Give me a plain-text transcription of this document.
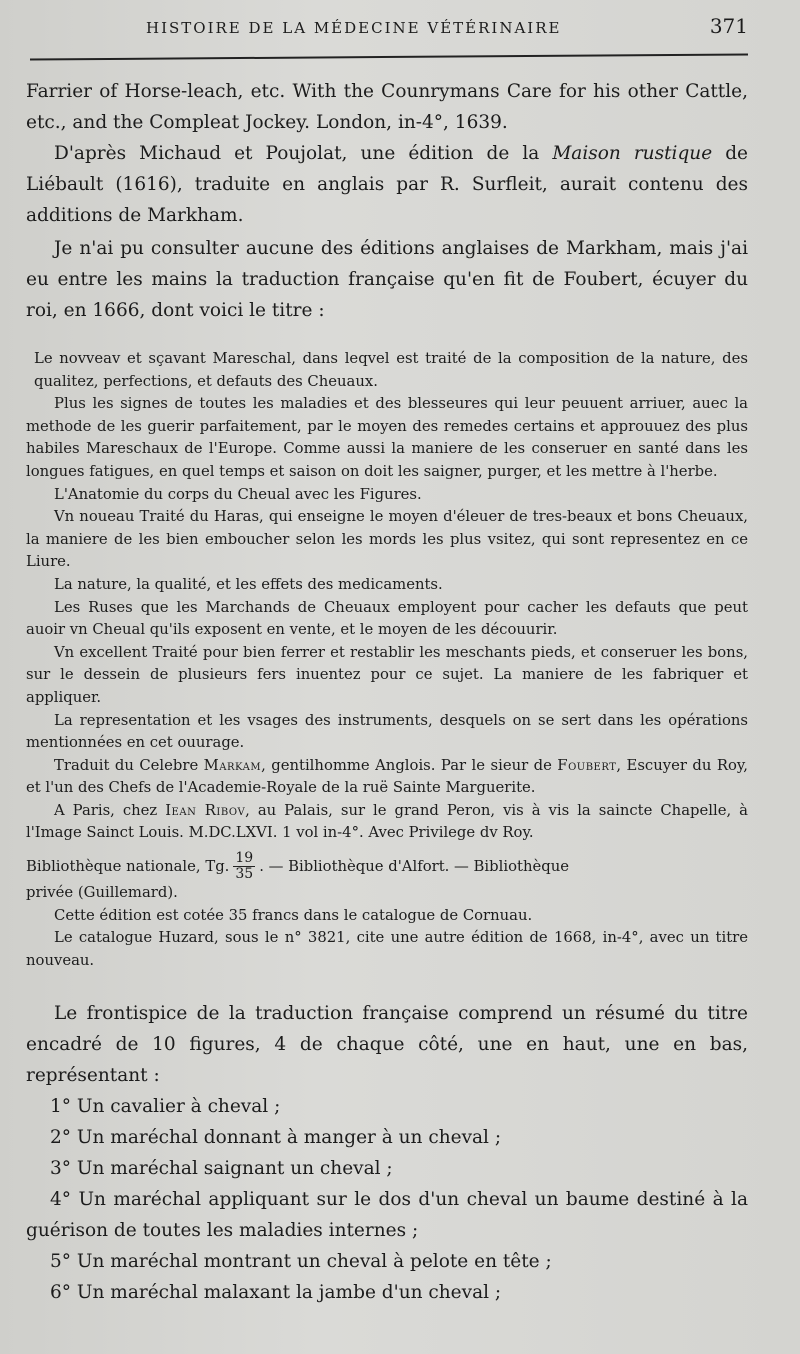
HISTOIRE DE LA MÉDECINE VÉTÉRINAIRE	371

Farrier of Horse-leach, etc. With the Counrymans Care for his other Cattle, etc., and the Compleat Jockey. London, in-4°, 1639.

D'après Michaud et Poujolat, une édition de la Maison rustique de Liébault (1616), traduite en anglais par R. Surfleit, aurait contenu des additions de Markham.

Je n'ai pu consulter aucune des éditions anglaises de Markham, mais j'ai eu entre les mains la traduction française qu'en fit de Foubert, écuyer du roi, en 1666, dont voici le titre :

Le novveav et sçavant Mareschal, dans leqvel est traité de la composition de la nature, des qualitez, perfections, et defauts des Cheuaux.

Plus les signes de toutes les maladies et des blesseures qui leur peuuent arriuer, auec la methode de les guerir parfaitement, par le moyen des remedes certains et approuuez des plus habiles Mareschaux de l'Europe. Comme aussi la maniere de les conseruer en santé dans les longues fatigues, en quel temps et saison on doit les saigner, purger, et les mettre à l'herbe.

L'Anatomie du corps du Cheual avec les Figures.

Vn noueau Traité du Haras, qui enseigne le moyen d'éleuer de tres-beaux et bons Cheuaux, la maniere de les bien emboucher selon les mords les plus vsitez, qui sont representez en ce Liure.

La nature, la qualité, et les effets des medicaments.

Les Ruses que les Marchands de Cheuaux employent pour cacher les defauts que peut auoir vn Cheual qu'ils exposent en vente, et le moyen de les découurir.

Vn excellent Traité pour bien ferrer et restablir les meschants pieds, et conseruer les bons, sur le dessein de plusieurs fers inuentez pour ce sujet. La maniere de les fabriquer et appliquer.

La representation et les vsages des instruments, desquels on se sert dans les opérations mentionnées en cet ouurage.

Traduit du Celebre Markam, gentilhomme Anglois. Par le sieur de Foubert, Escuyer du Roy, et l'un des Chefs de l'Academie-Royale de la ruë Sainte Marguerite.

A Paris, chez Iean Ribov, au Palais, sur le grand Peron, vis à vis la saincte Chapelle, à l'Image Sainct Louis. M.DC.LXVI. 1 vol in-4°. Avec Privilege dv Roy.

Bibliothèque nationale, Tg. $\frac{19}{35}$ . — Bibliothèque d'Alfort. — Bibliothèque

privée (Guillemard).

Cette édition est cotée 35 francs dans le catalogue de Cornuau.

Le catalogue Huzard, sous le n° 3821, cite une autre édition de 1668, in-4°, avec un titre nouveau.

Le frontispice de la traduction française comprend un résumé du titre encadré de 10 figures, 4 de chaque côté, une en haut, une en bas, représentant :

1° Un cavalier à cheval ;

2° Un maréchal donnant à manger à un cheval ;

3° Un maréchal saignant un cheval ;

4° Un maréchal appliquant sur le dos d'un cheval un baume destiné à la guérison de toutes les maladies internes ;

5° Un maréchal montrant un cheval à pelote en tête ;

6° Un maréchal malaxant la jambe d'un cheval ;
